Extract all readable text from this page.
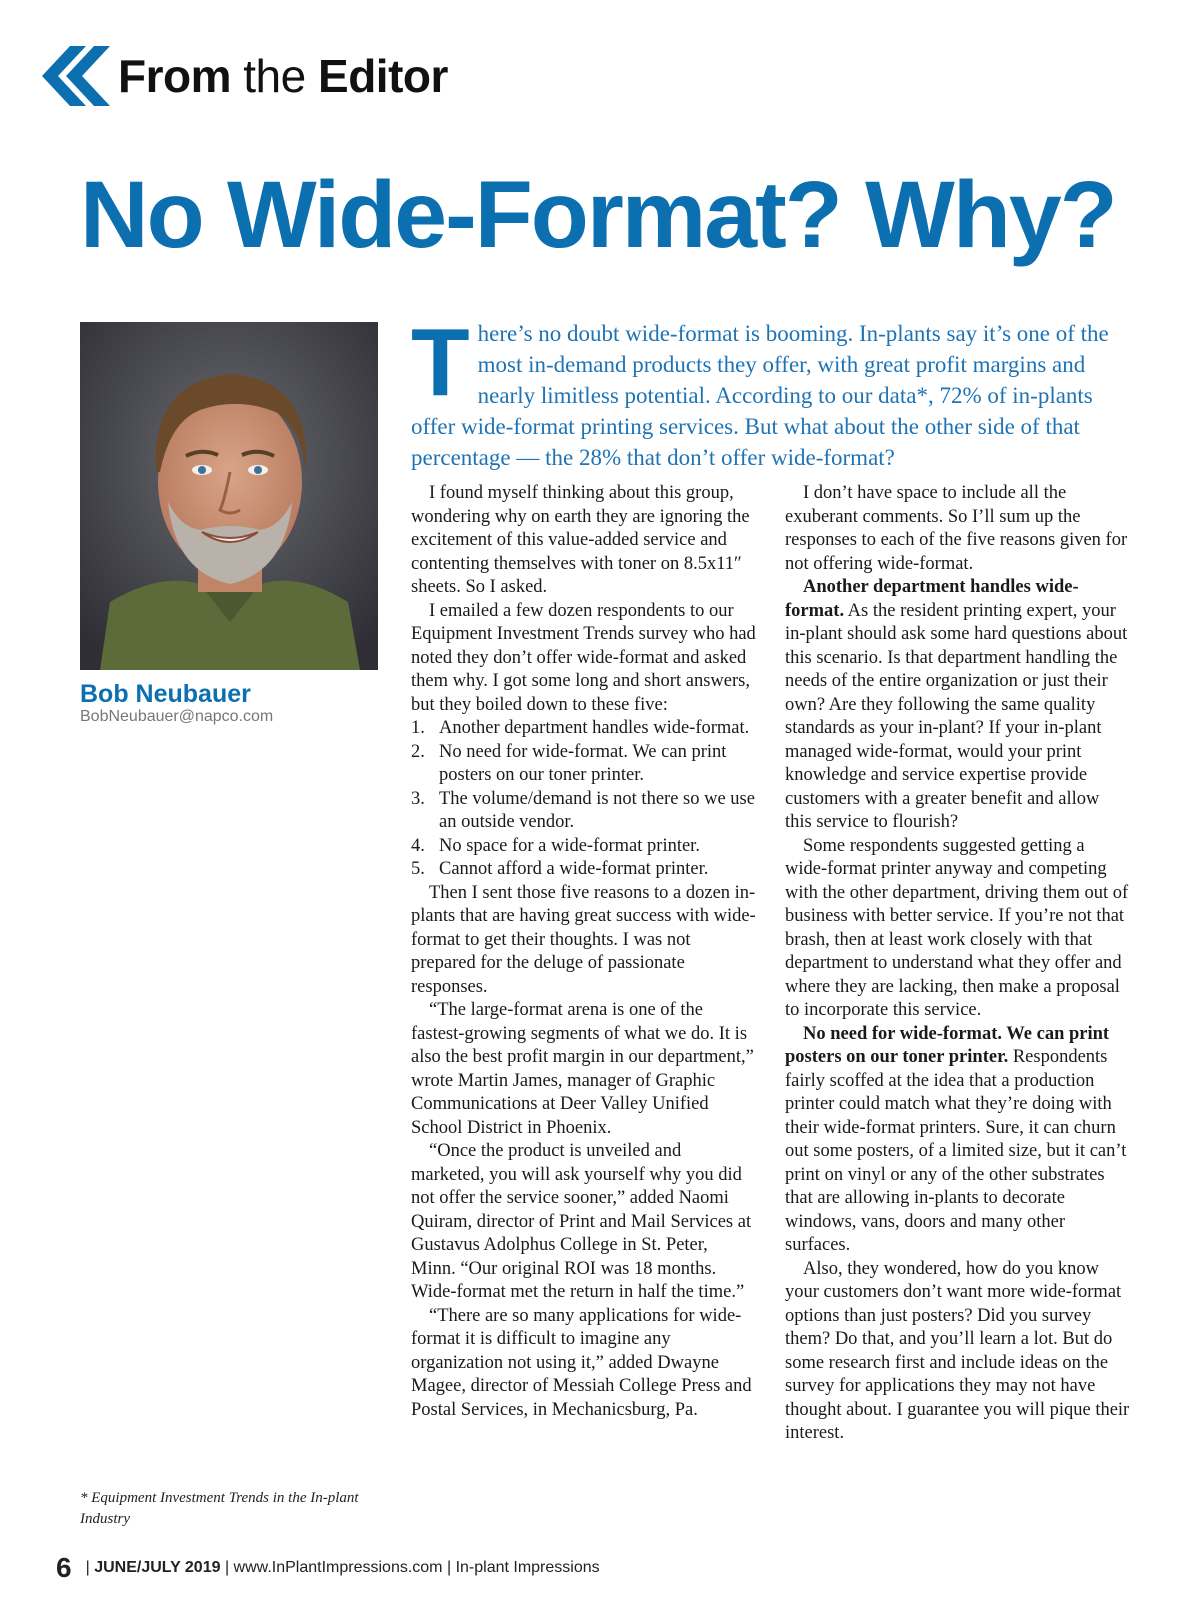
From the Editor
No Wide-Format? Why?

Bob Neubauer

BobNeubauer@napco.com

* Equipment Investment Trends in the In-plant Industry

There’s no doubt wide-format is booming. In-plants say it’s one of the most in-demand products they offer, with great profit margins and nearly limitless potential. According to our data*, 72% of in-plants offer wide-format printing services. But what about the other side of that percentage — the 28% that don’t offer wide-format?

I found myself thinking about this group, wondering why on earth they are ignoring the excitement of this value-added service and contenting themselves with toner on 8.5x11″ sheets. So I asked.

I emailed a few dozen respondents to our Equipment Investment Trends survey who had noted they don’t offer wide-format and asked them why. I got some long and short answers, but they boiled down to these five:

1. Another department handles wide-format.
2. No need for wide-format. We can print posters on our toner printer.
3. The volume/demand is not there so we use an outside vendor.
4. No space for a wide-format printer.
5. Cannot afford a wide-format printer.

Then I sent those five reasons to a dozen in-plants that are having great success with wide-format to get their thoughts. I was not prepared for the deluge of passionate responses.

“The large-format arena is one of the fastest-growing segments of what we do. It is also the best profit margin in our department,” wrote Martin James, manager of Graphic Communications at Deer Valley Unified School District in Phoenix.

“Once the product is unveiled and marketed, you will ask yourself why you did not offer the service sooner,” added Naomi Quiram, director of Print and Mail Services at Gustavus Adolphus College in St. Peter, Minn. “Our original ROI was 18 months. Wide-format met the return in half the time.”

“There are so many applications for wide-format it is difficult to imagine any organization not using it,” added Dwayne Magee, director of Messiah College Press and Postal Services, in Mechanicsburg, Pa.

I don’t have space to include all the exuberant comments. So I’ll sum up the responses to each of the five reasons given for not offering wide-format.

Another department handles wide-format. As the resident printing expert, your in-plant should ask some hard questions about this scenario. Is that department handling the needs of the entire organization or just their own? Are they following the same quality standards as your in-plant? If your in-plant managed wide-format, would your print knowledge and service expertise provide customers with a greater benefit and allow this service to flourish?

Some respondents suggested getting a wide-format printer anyway and competing with the other department, driving them out of business with better service. If you’re not that brash, then at least work closely with that department to understand what they offer and where they are lacking, then make a proposal to incorporate this service.

No need for wide-format. We can print posters on our toner printer. Respondents fairly scoffed at the idea that a production printer could match what they’re doing with their wide-format printers. Sure, it can churn out some posters, of a limited size, but it can’t print on vinyl or any of the other substrates that are allowing in-plants to decorate windows, vans, doors and many other surfaces.

Also, they wondered, how do you know your customers don’t want more wide-format options than just posters? Did you survey them? Do that, and you’ll learn a lot. But do some research first and include ideas on the survey for applications they may not have thought about. I guarantee you will pique their interest.

6 | JUNE/JULY 2019 | www.InPlantImpressions.com | In-plant Impressions
